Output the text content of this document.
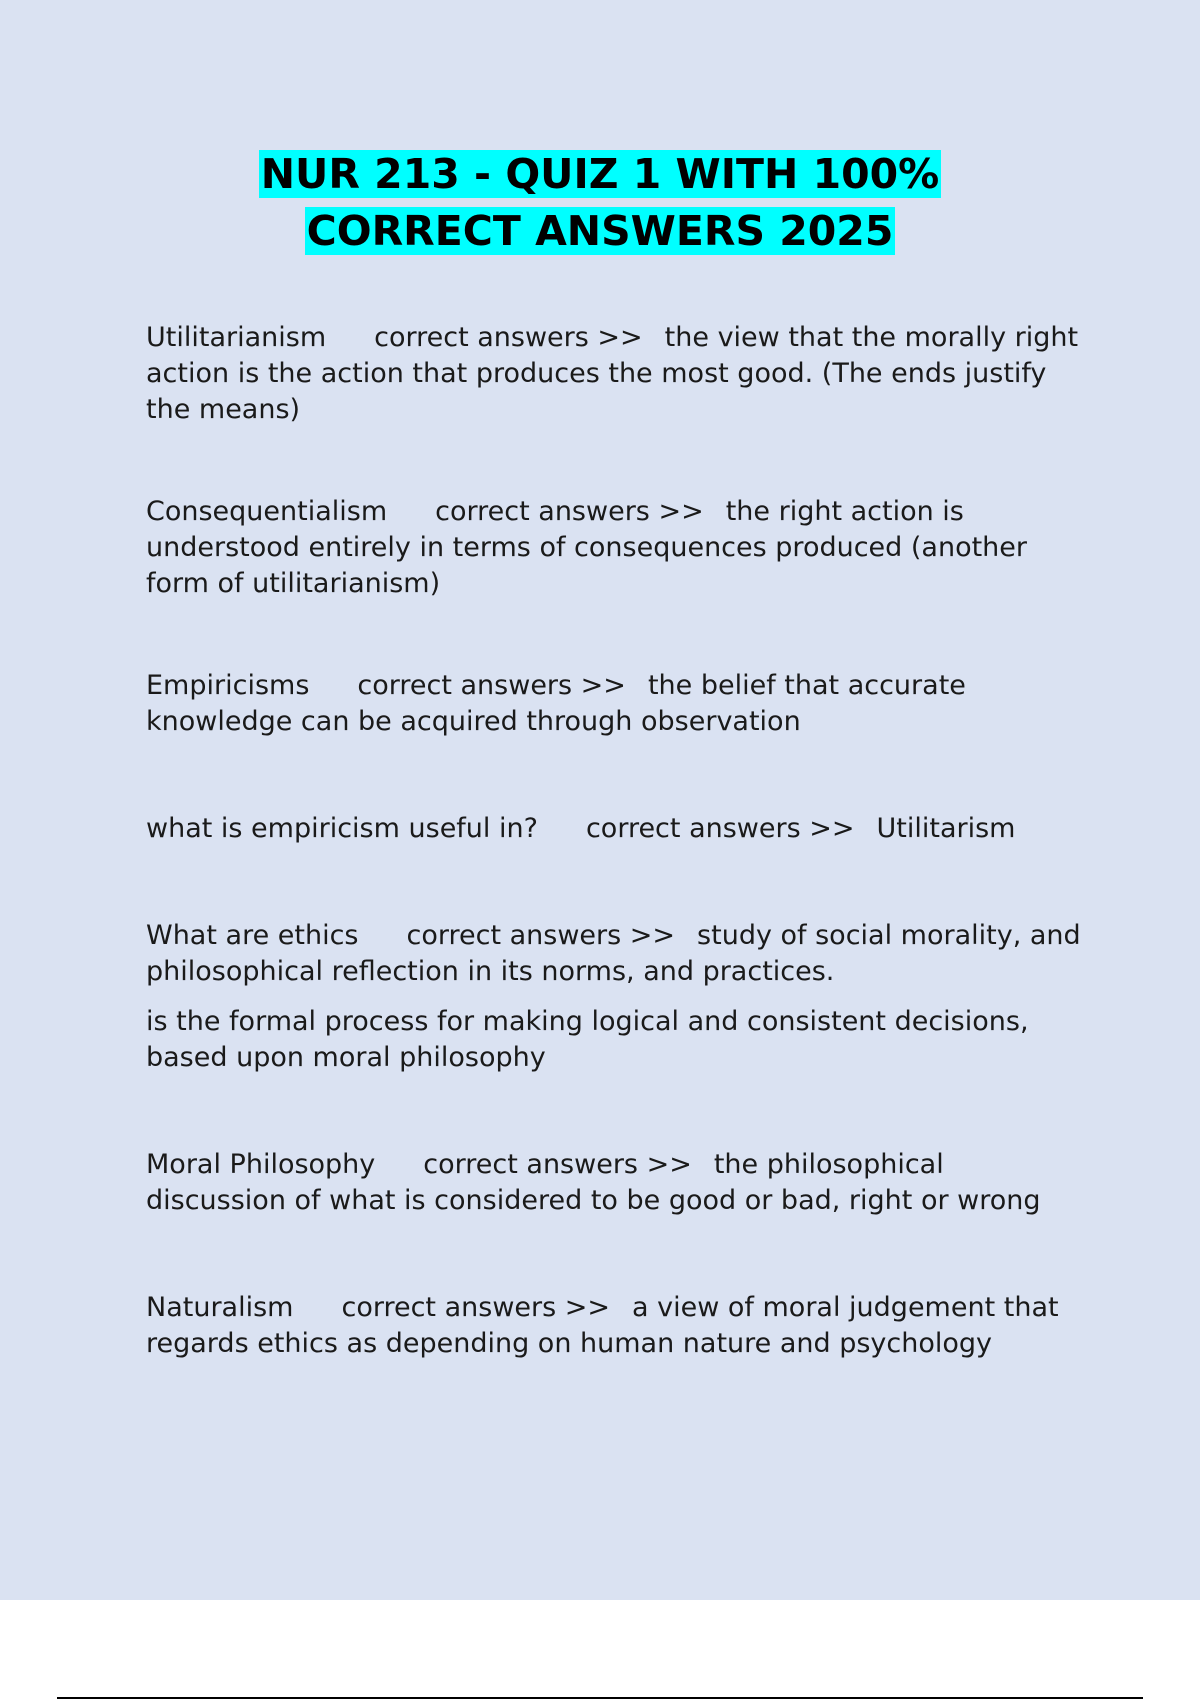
NUR 213 - QUIZ 1 WITH 100%
CORRECT ANSWERS 2025

Utilitarianism correct answers >> the view that the morally right action is the action that produces the most good. (The ends justify the means)

Consequentialism correct answers >> the right action is understood entirely in terms of consequences produced (another form of utilitarianism)

Empiricisms correct answers >> the belief that accurate knowledge can be acquired through observation

what is empiricism useful in? correct answers >> Utilitarism

What are ethics correct answers >> study of social morality, and philosophical reflection in its norms, and practices.

is the formal process for making logical and consistent decisions, based upon moral philosophy

Moral Philosophy correct answers >> the philosophical discussion of what is considered to be good or bad, right or wrong

Naturalism correct answers >> a view of moral judgement that regards ethics as depending on human nature and psychology
